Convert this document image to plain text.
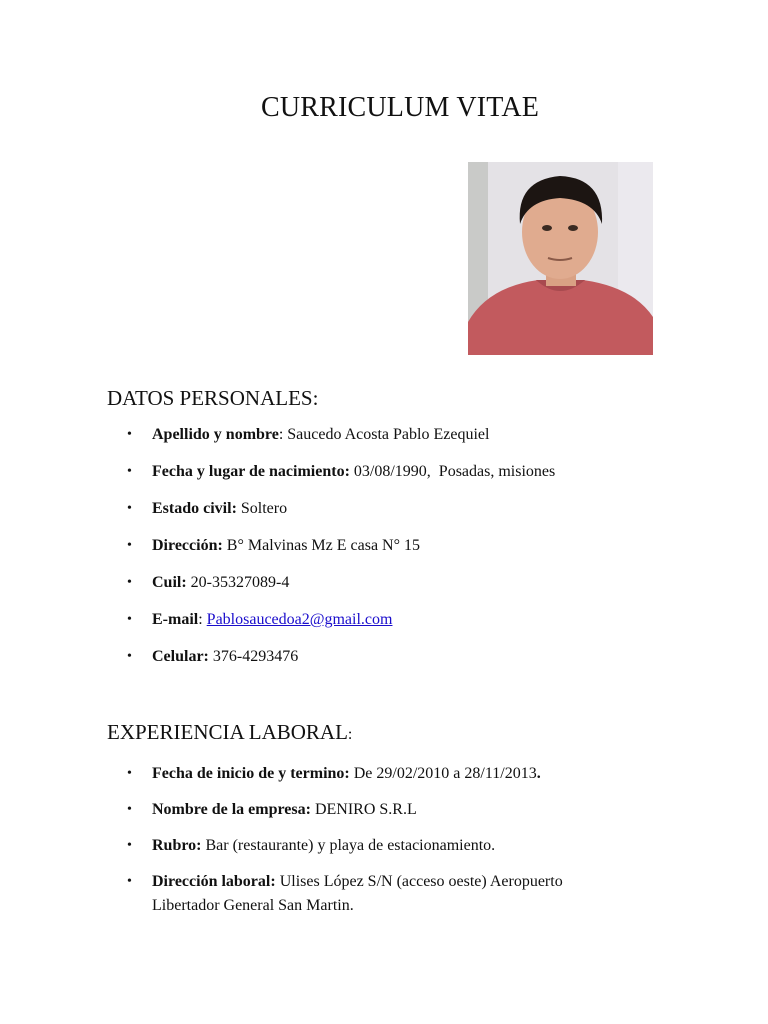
CURRICULUM VITAE
DATOS PERSONALES:
• Apellido y nombre: Saucedo Acosta Pablo Ezequiel
• Fecha y lugar de nacimiento: 03/08/1990,  Posadas, misiones
• Estado civil: Soltero
• Dirección: B° Malvinas Mz E casa N° 15
• Cuil: 20-35327089-4
• E-mail: Pablosaucedoa2@gmail.com
• Celular: 376-4293476
EXPERIENCIA LABORAL:
• Fecha de inicio de y termino: De 29/02/2010 a 28/11/2013.
• Nombre de la empresa: DENIRO S.R.L
• Rubro: Bar (restaurante) y playa de estacionamiento.
• Dirección laboral: Ulises López S/N (acceso oeste) Aeropuerto Libertador General San Martin.
